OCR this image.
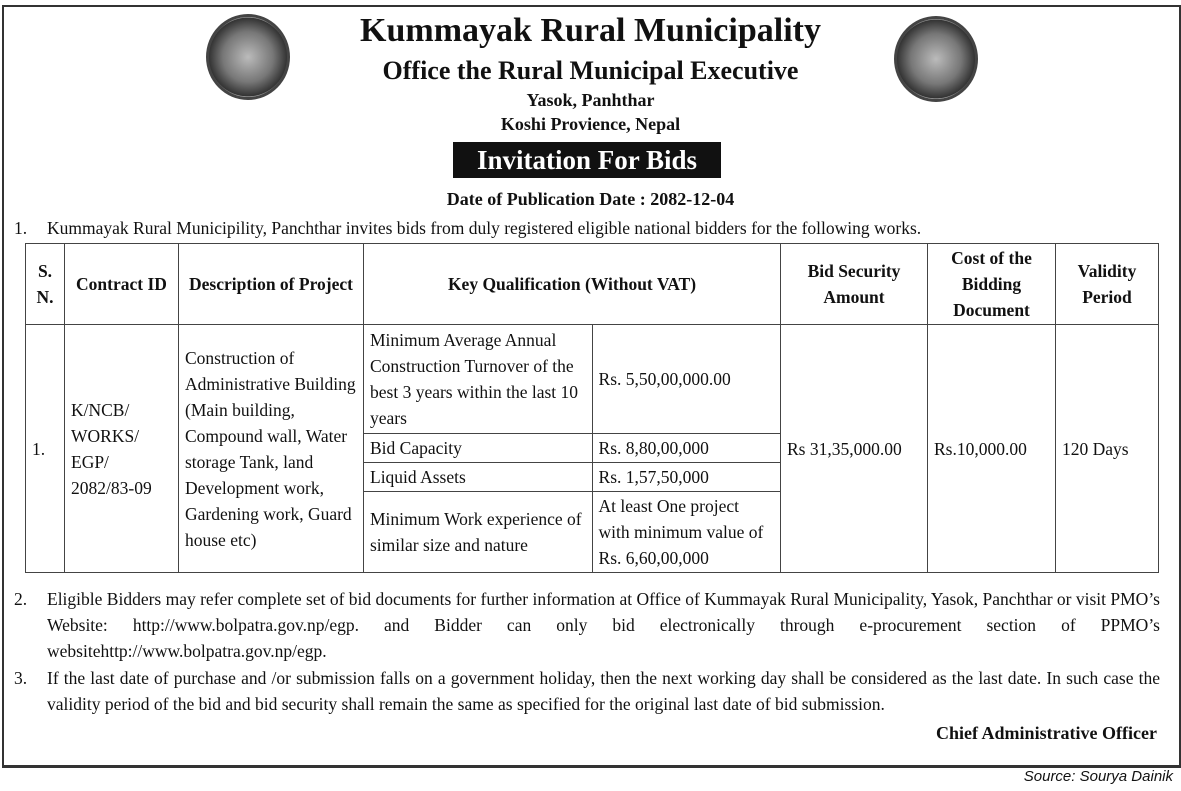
Kummayak Rural Municipality
Office the Rural Municipal Executive
Yasok, Panhthar
Koshi Provience, Nepal
Invitation For Bids
Date of Publication Date : 2082-12-04
1. Kummayak Rural Municipility, Panchthar invites bids from duly registered eligible national bidders for the following works.
S. N.	Contract ID	Description of Project	Key Qualification (Without VAT)		Bid Security Amount	Cost of the Bidding Document	Validity Period
1.	K/NCB/ WORKS/ EGP/ 2082/83-09	Construction of Administrative Building (Main building, Compound wall, Water storage Tank, land Development work, Gardening work, Guard house etc)	Minimum Average Annual Construction Turnover of the best 3 years within the last 10 years	Rs. 5,50,00,000.00	Rs 31,35,000.00	Rs.10,000.00	120 Days
			Bid Capacity	Rs. 8,80,00,000			
			Liquid Assets	Rs. 1,57,50,000			
			Minimum Work experience of similar size and nature	At least One project with minimum value of Rs. 6,60,00,000			
2. Eligible Bidders may refer complete set of bid documents for further information at Office of Kummayak Rural Municipality, Yasok, Panchthar or visit PMO’s Website: http://www.bolpatra.gov.np/egp. and Bidder can only bid electronically through e-procurement section of PPMO’s websitehttp://www.bolpatra.gov.np/egp.
3. If the last date of purchase and /or submission falls on a government holiday, then the next working day shall be considered as the last date. In such case the validity period of the bid and bid security shall remain the same as specified for the original last date of bid submission.
Chief Administrative Officer
Source: Sourya Dainik
